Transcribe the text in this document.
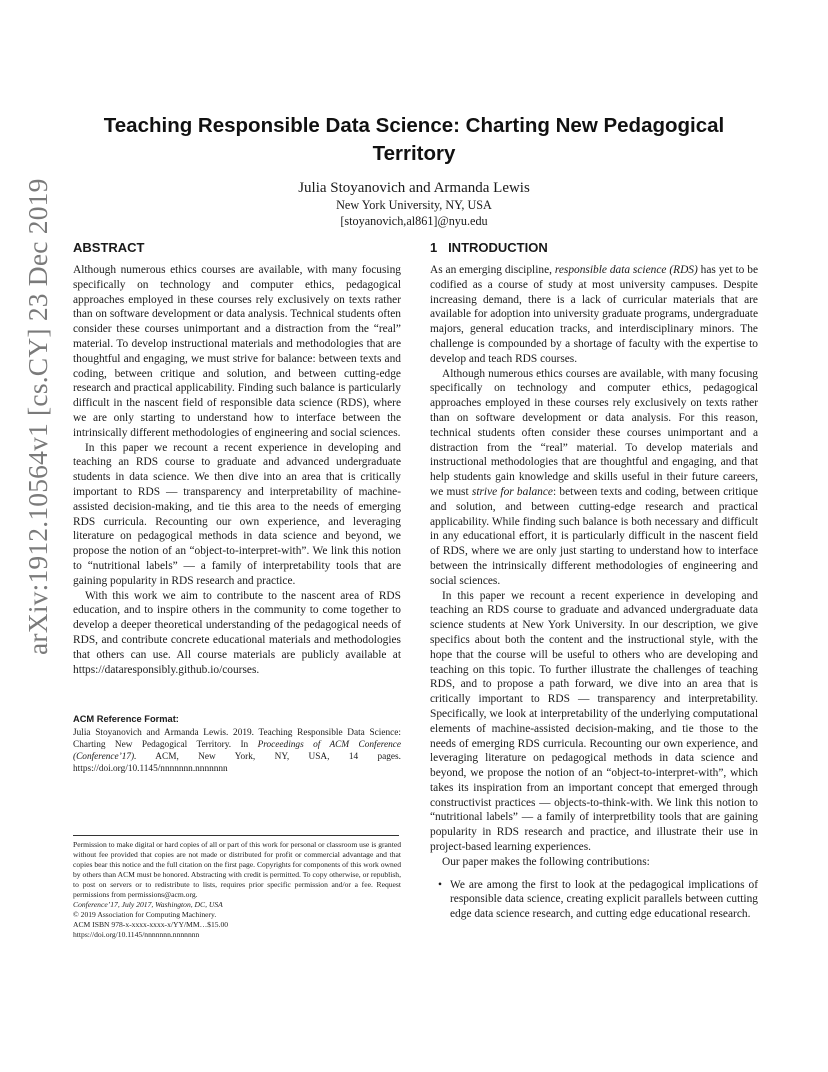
arXiv:1912.10564v1 [cs.CY] 23 Dec 2019
Teaching Responsible Data Science: Charting New Pedagogical
Territory
Julia Stoyanovich and Armanda Lewis
New York University, NY, USA
[stoyanovich,al861]@nyu.edu
ABSTRACT

Although numerous ethics courses are available, with many focusing specifically on technology and computer ethics, pedagogical approaches employed in these courses rely exclusively on texts rather than on software development or data analysis. Technical students often consider these courses unimportant and a distraction from the “real” material. To develop instructional materials and methodologies that are thoughtful and engaging, we must strive for balance: between texts and coding, between critique and solution, and between cutting-edge research and practical applicability. Finding such balance is particularly difficult in the nascent field of responsible data science (RDS), where we are only starting to understand how to interface between the intrinsically different methodologies of engineering and social sciences.

In this paper we recount a recent experience in developing and teaching an RDS course to graduate and advanced undergraduate students in data science. We then dive into an area that is critically important to RDS — transparency and interpretability of machine-assisted decision-making, and tie this area to the needs of emerging RDS curricula. Recounting our own experience, and leveraging literature on pedagogical methods in data science and beyond, we propose the notion of an “object-to-interpret-with”. We link this notion to “nutritional labels” — a family of interpretability tools that are gaining popularity in RDS research and practice.

With this work we aim to contribute to the nascent area of RDS education, and to inspire others in the community to come together to develop a deeper theoretical understanding of the pedagogical needs of RDS, and contribute concrete educational materials and methodologies that others can use. All course materials are publicly available at https://dataresponsibly.github.io/courses.

ACM Reference Format:

Julia Stoyanovich and Armanda Lewis. 2019. Teaching Responsible Data Science: Charting New Pedagogical Territory. In Proceedings of ACM Conference (Conference’17). ACM, New York, NY, USA, 14 pages. https://doi.org/10.1145/nnnnnnn.nnnnnnn

Permission to make digital or hard copies of all or part of this work for personal or classroom use is granted without fee provided that copies are not made or distributed for profit or commercial advantage and that copies bear this notice and the full citation on the first page. Copyrights for components of this work owned by others than ACM must be honored. Abstracting with credit is permitted. To copy otherwise, or republish, to post on servers or to redistribute to lists, requires prior specific permission and/or a fee. Request permissions from permissions@acm.org.

Conference’17, July 2017, Washington, DC, USA
© 2019 Association for Computing Machinery.
ACM ISBN 978-x-xxxx-xxxx-x/YY/MM…$15.00
https://doi.org/10.1145/nnnnnnn.nnnnnnn
1   INTRODUCTION

As an emerging discipline, responsible data science (RDS) has yet to be codified as a course of study at most university campuses. Despite increasing demand, there is a lack of curricular materials that are available for adoption into university graduate programs, undergraduate majors, general education tracks, and interdisciplinary minors. The challenge is compounded by a shortage of faculty with the expertise to develop and teach RDS courses.

Although numerous ethics courses are available, with many focusing specifically on technology and computer ethics, pedagogical approaches employed in these courses rely exclusively on texts rather than on software development or data analysis. For this reason, technical students often consider these courses unimportant and a distraction from the “real” material. To develop materials and instructional methodologies that are thoughtful and engaging, and that help students gain knowledge and skills useful in their future careers, we must strive for balance: between texts and coding, between critique and solution, and between cutting-edge research and practical applicability. While finding such balance is both necessary and difficult in any educational effort, it is particularly difficult in the nascent field of RDS, where we are only just starting to understand how to interface between the intrinsically different methodologies of engineering and social sciences.

In this paper we recount a recent experience in developing and teaching an RDS course to graduate and advanced undergraduate data science students at New York University. In our description, we give specifics about both the content and the instructional style, with the hope that the course will be useful to others who are developing and teaching on this topic. To further illustrate the challenges of teaching RDS, and to propose a path forward, we dive into an area that is critically important to RDS — transparency and interpretability. Specifically, we look at interpretability of the underlying computational elements of machine-assisted decision-making, and tie those to the needs of emerging RDS curricula. Recounting our own experience, and leveraging literature on pedagogical methods in data science and beyond, we propose the notion of an “object-to-interpret-with”, which takes its inspiration from an important concept that emerged through constructivist practices — objects-to-think-with. We link this notion to “nutritional labels” — a family of interpretbility tools that are gaining popularity in RDS research and practice, and illustrate their use in project-based learning experiences.

Our paper makes the following contributions:

• We are among the first to look at the pedagogical implications of responsible data science, creating explicit parallels between cutting edge data science research, and cutting edge educational research.
